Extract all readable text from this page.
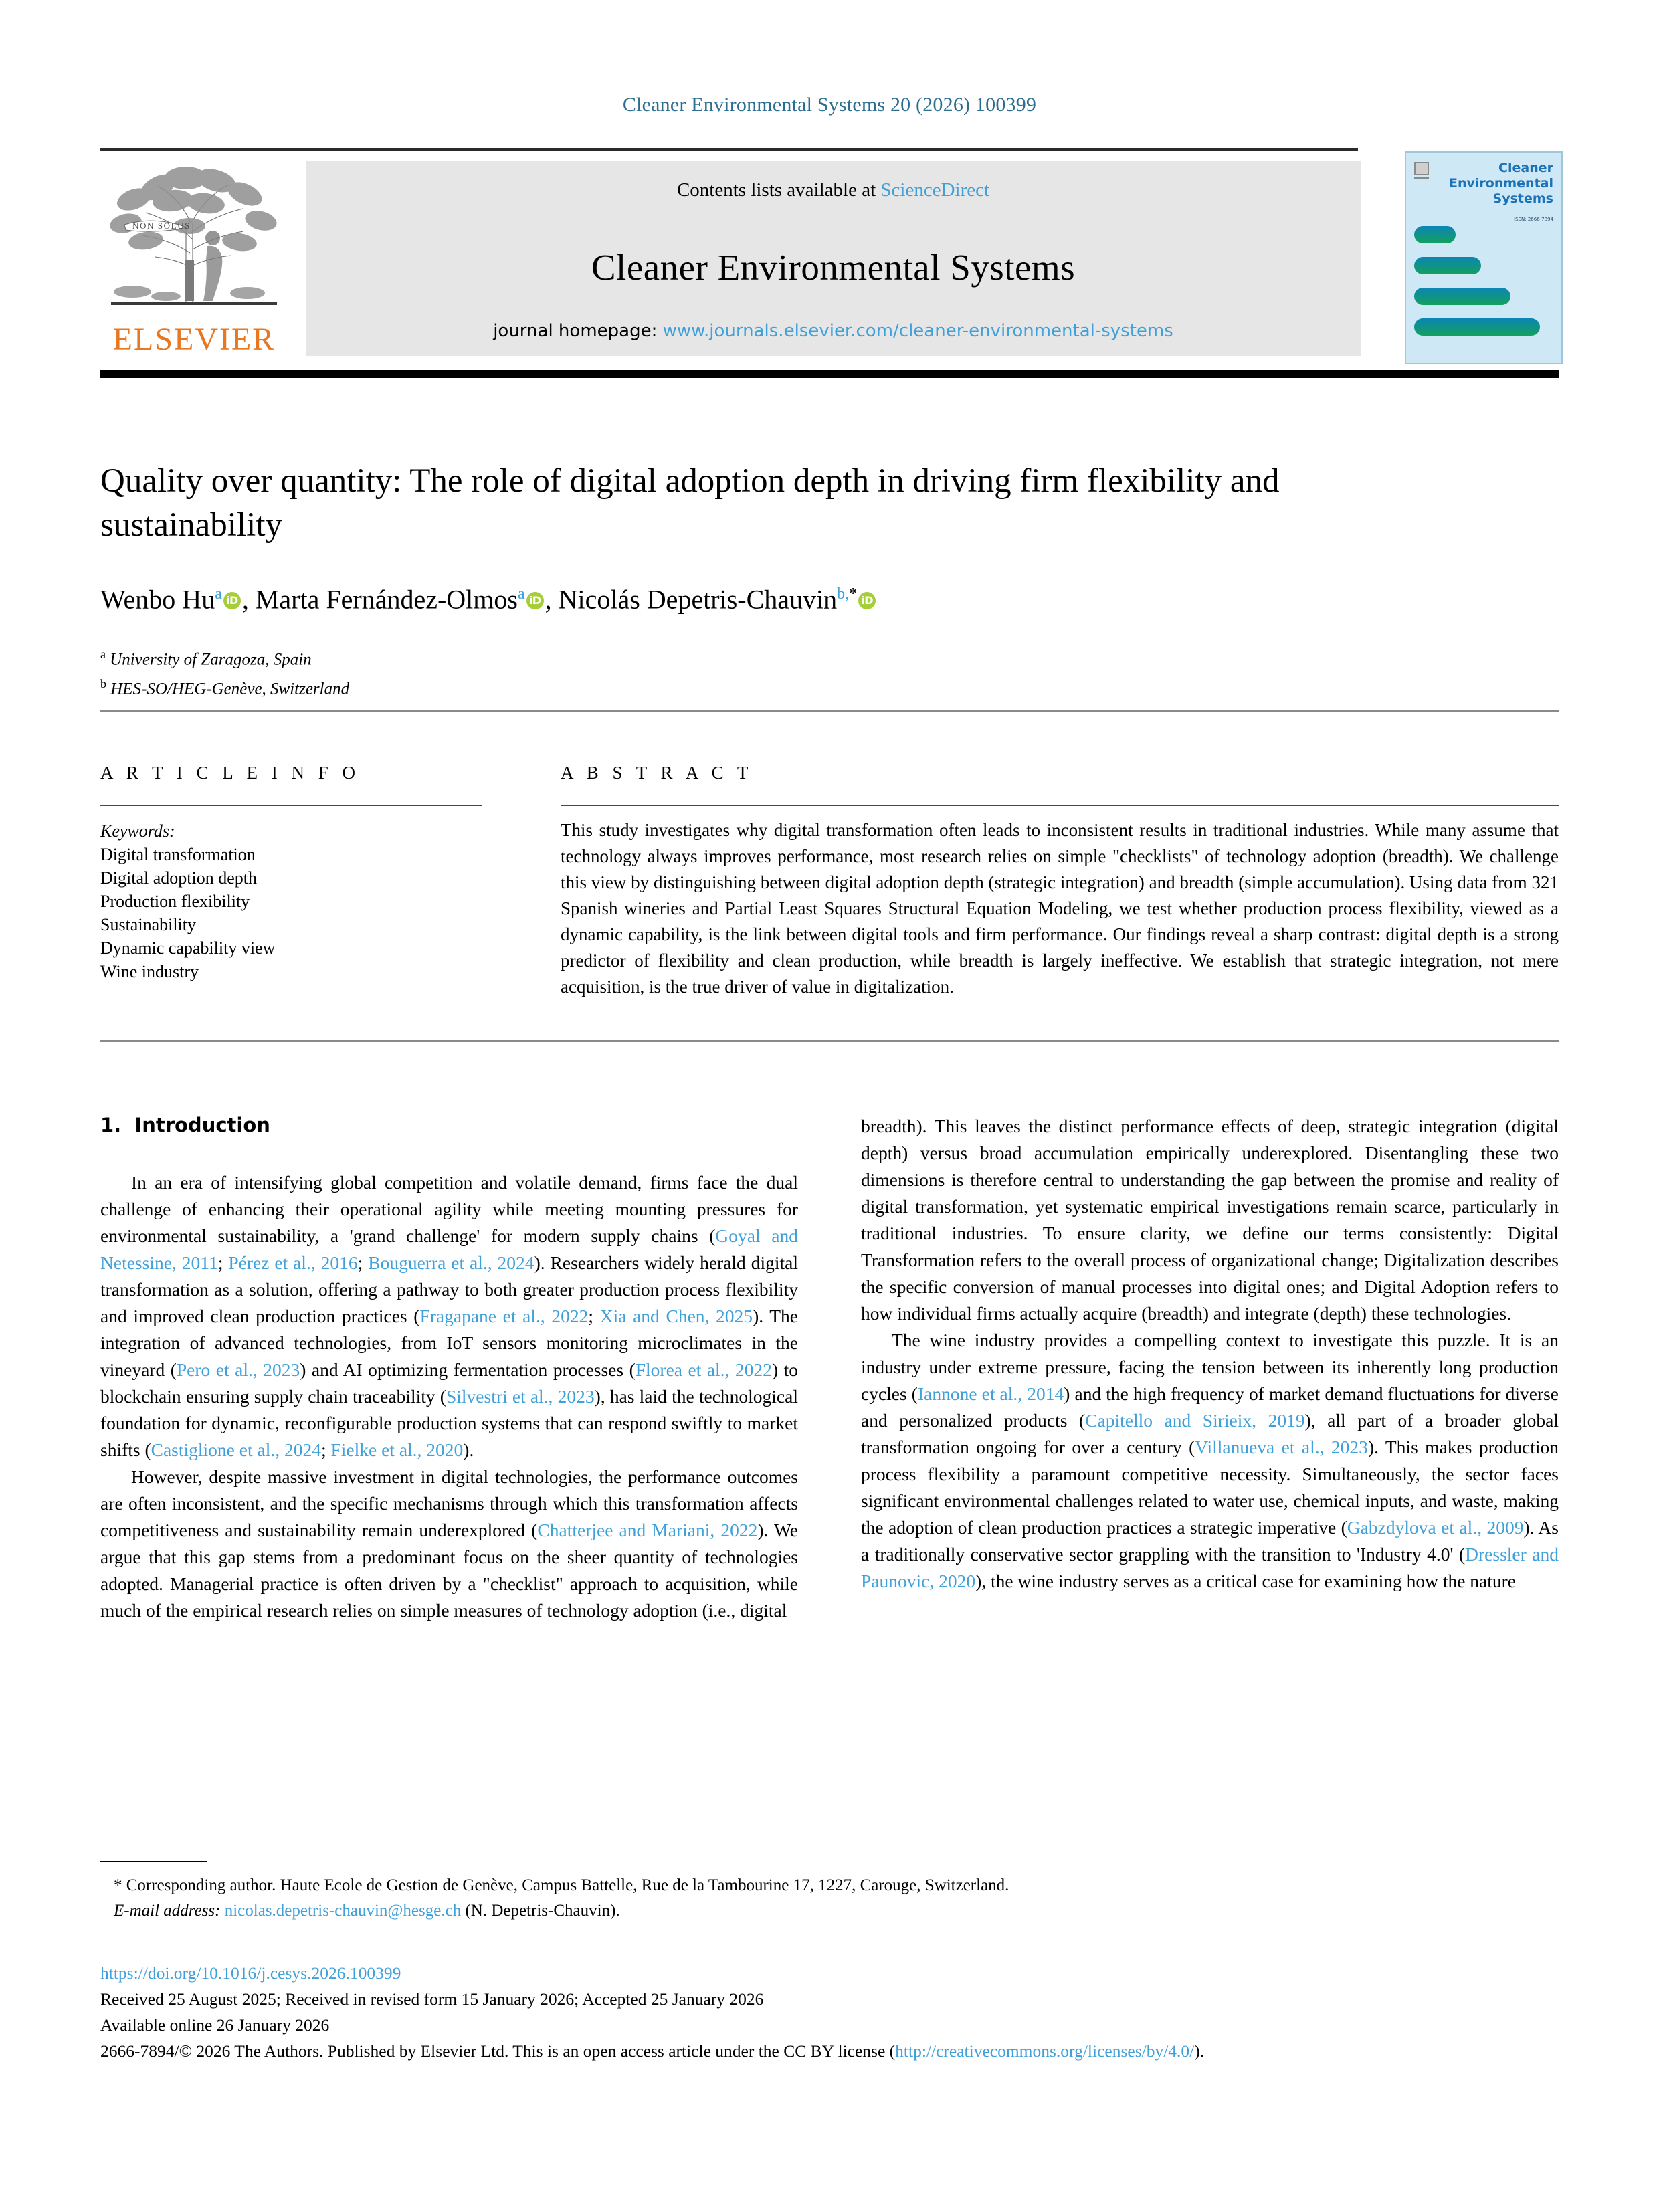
Cleaner Environmental Systems 20 (2026) 100399
NON SOLUS
ELSEVIER
Contents lists available at ScienceDirect
Cleaner Environmental Systems
journal homepage: www.journals.elsevier.com/cleaner-environmental-systems
Cleaner
Environmental
Systems
ISSN: 2666-7894
Quality over quantity: The role of digital adoption depth in driving firm flexibility and sustainability
Wenbo Hu$^a$ iD , Marta Fernández-Olmos$^a$ iD , Nicolás Depetris-Chauvin$^{b,*}$ iD
$^a$ University of Zaragoza, Spain
$^b$ HES-SO/HEG-Genève, Switzerland
A R T I C L E I N F O
Keywords:
Digital transformation
Digital adoption depth
Production flexibility
Sustainability
Dynamic capability view
Wine industry
A B S T R A C T
This study investigates why digital transformation often leads to inconsistent results in traditional industries. While many assume that technology always improves performance, most research relies on simple "checklists" of technology adoption (breadth). We challenge this view by distinguishing between digital adoption depth (strategic integration) and breadth (simple accumulation). Using data from 321 Spanish wineries and Partial Least Squares Structural Equation Modeling, we test whether production process flexibility, viewed as a dynamic capability, is the link between digital tools and firm performance. Our findings reveal a sharp contrast: digital depth is a strong predictor of flexibility and clean production, while breadth is largely ineffective. We establish that strategic integration, not mere acquisition, is the true driver of value in digitalization.
1. Introduction

In an era of intensifying global competition and volatile demand, firms face the dual challenge of enhancing their operational agility while meeting mounting pressures for environmental sustainability, a 'grand challenge' for modern supply chains (Goyal and Netessine, 2011; Pérez et al., 2016; Bouguerra et al., 2024). Researchers widely herald digital transformation as a solution, offering a pathway to both greater production process flexibility and improved clean production practices (Fragapane et al., 2022; Xia and Chen, 2025). The integration of advanced technologies, from IoT sensors monitoring microclimates in the vineyard (Pero et al., 2023) and AI optimizing fermentation processes (Florea et al., 2022) to blockchain ensuring supply chain traceability (Silvestri et al., 2023), has laid the technological foundation for dynamic, reconfigurable production systems that can respond swiftly to market shifts (Castiglione et al., 2024; Fielke et al., 2020).

However, despite massive investment in digital technologies, the performance outcomes are often inconsistent, and the specific mechanisms through which this transformation affects competitiveness and sustainability remain underexplored (Chatterjee and Mariani, 2022). We argue that this gap stems from a predominant focus on the sheer quantity of technologies adopted. Managerial practice is often driven by a "checklist" approach to acquisition, while much of the empirical research relies on simple measures of technology adoption (i.e., digital

breadth). This leaves the distinct performance effects of deep, strategic integration (digital depth) versus broad accumulation empirically underexplored. Disentangling these two dimensions is therefore central to understanding the gap between the promise and reality of digital transformation, yet systematic empirical investigations remain scarce, particularly in traditional industries. To ensure clarity, we define our terms consistently: Digital Transformation refers to the overall process of organizational change; Digitalization describes the specific conversion of manual processes into digital ones; and Digital Adoption refers to how individual firms actually acquire (breadth) and integrate (depth) these technologies.

The wine industry provides a compelling context to investigate this puzzle. It is an industry under extreme pressure, facing the tension between its inherently long production cycles (Iannone et al., 2014) and the high frequency of market demand fluctuations for diverse and personalized products (Capitello and Sirieix, 2019), all part of a broader global transformation ongoing for over a century (Villanueva et al., 2023). This makes production process flexibility a paramount competitive necessity. Simultaneously, the sector faces significant environmental challenges related to water use, chemical inputs, and waste, making the adoption of clean production practices a strategic imperative (Gabzdylova et al., 2009). As a traditionally conservative sector grappling with the transition to 'Industry 4.0' (Dressler and Paunovic, 2020), the wine industry serves as a critical case for examining how the nature

* Corresponding author. Haute Ecole de Gestion de Genève, Campus Battelle, Rue de la Tambourine 17, 1227, Carouge, Switzerland.
E-mail address: nicolas.depetris-chauvin@hesge.ch (N. Depetris-Chauvin).
https://doi.org/10.1016/j.cesys.2026.100399
Received 25 August 2025; Received in revised form 15 January 2026; Accepted 25 January 2026
Available online 26 January 2026
2666-7894/© 2026 The Authors. Published by Elsevier Ltd. This is an open access article under the CC BY license (http://creativecommons.org/licenses/by/4.0/).
